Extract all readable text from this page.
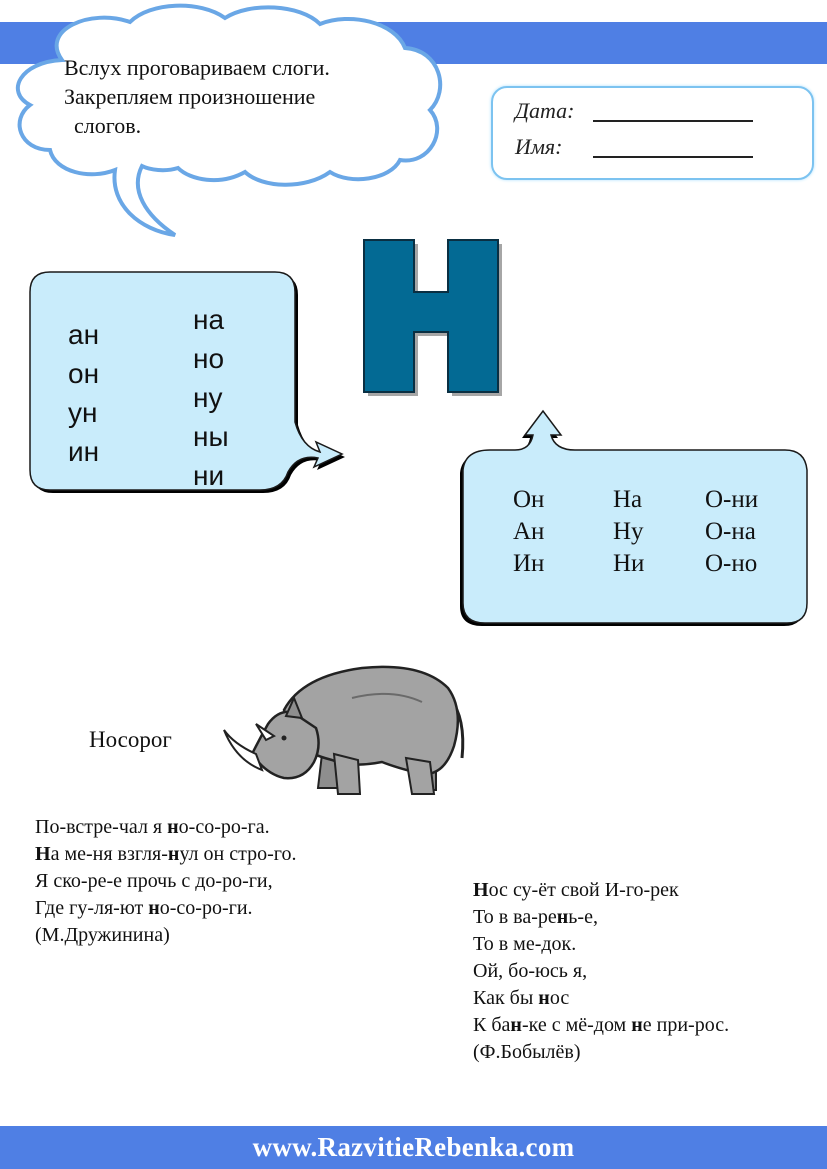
Вслух проговариваем слоги.
Закрепляем произношение
слогов.
Дата:
Имя:
ан
он
ун
ин
на
но
ну
ны
ни
Он
Ан
Ин
На
Ну
Ни
О-ни
О-на
О-но
Носорог
По-встре-чал я но-со-ро-га.
На ме-ня взгля-нул он стро-го.
Я ско-ре-е прочь с до-ро-ги,
Где гу-ля-ют но-со-ро-ги.
(М.Дружинина)
Нос су-ёт свой И-го-рек
То в ва-рень-е,
То в ме-док.
Ой, бо-юсь я,
Как бы нос
К бан-ке с мё-дом не при-рос.
(Ф.Бобылёв)
www.RazvitieRebenka.com
